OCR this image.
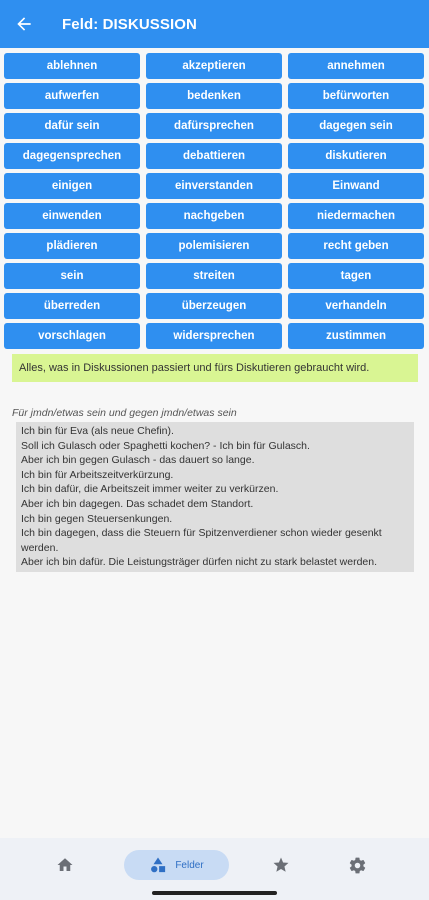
Feld: DISKUSSION
ablehnen	akzeptieren	annehmen
aufwerfen	bedenken	befürworten
dafür sein	dafürsprechen	dagegen sein
dagegensprechen	debattieren	diskutieren
einigen	einverstanden	Einwand
einwenden	nachgeben	niedermachen
plädieren	polemisieren	recht geben
sein	streiten	tagen
überreden	überzeugen	verhandeln
vorschlagen	widersprechen	zustimmen
Alles, was in Diskussionen passiert und fürs Diskutieren gebraucht wird.
Für jmdn/etwas sein und gegen jmdn/etwas sein
Ich bin für Eva (als neue Chefin).
Soll ich Gulasch oder Spaghetti kochen? - Ich bin für Gulasch.
Aber ich bin gegen Gulasch - das dauert so lange.
Ich bin für Arbeitszeitverkürzung.
Ich bin dafür, die Arbeitszeit immer weiter zu verkürzen.
Aber ich bin dagegen. Das schadet dem Standort.
Ich bin gegen Steuersenkungen.
Ich bin dagegen, dass die Steuern für Spitzenverdiener schon wieder gesenkt werden.
Aber ich bin dafür. Die Leistungsträger dürfen nicht zu stark belastet werden.
Felder
